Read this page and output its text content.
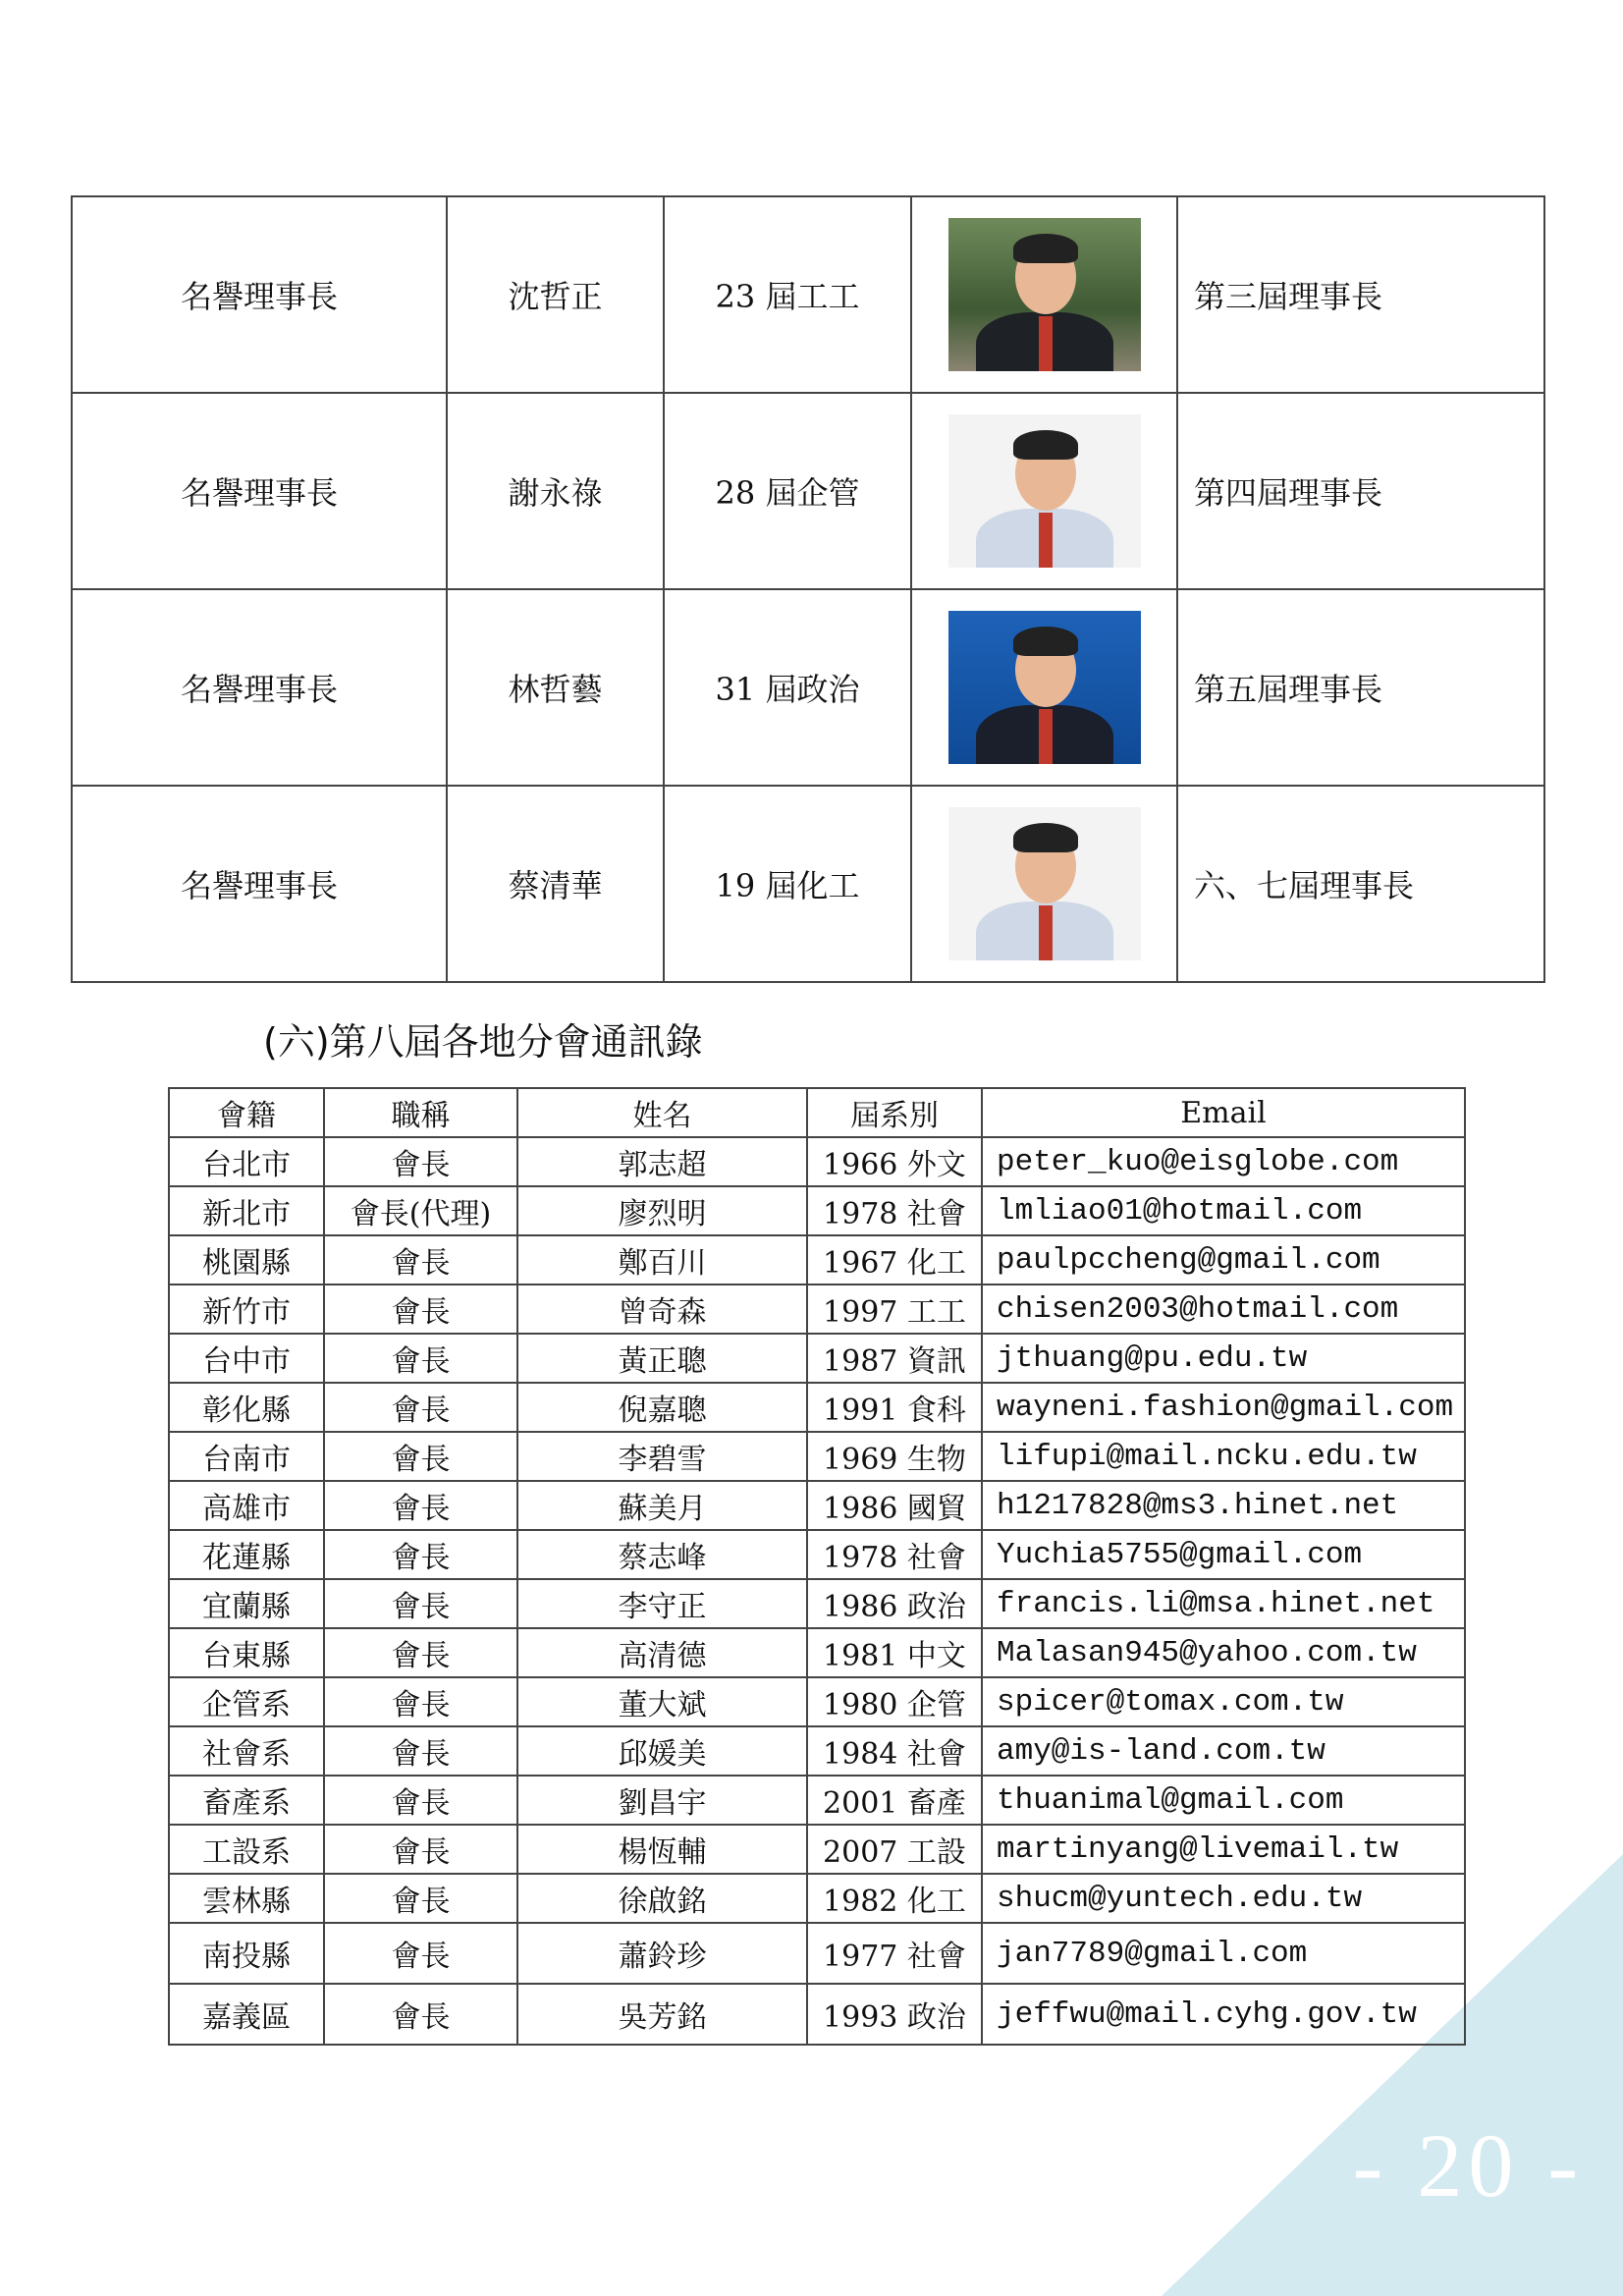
- 20 -
名譽理事長	沈哲正	23 屆工工		第三屆理事長
名譽理事長	謝永祿	28 屆企管		第四屆理事長
名譽理事長	林哲藝	31 屆政治		第五屆理事長
名譽理事長	蔡清華	19 屆化工		六、七屆理事長
(六)第八屆各地分會通訊錄
會籍	職稱	姓名	屆系別	Email
台北市	會長	郭志超	1966 外文	peter_kuo@eisglobe.com
新北市	會長(代理)	廖烈明	1978 社會	lmliao01@hotmail.com
桃園縣	會長	鄭百川	1967 化工	paulpccheng@gmail.com
新竹市	會長	曾奇森	1997 工工	chisen2003@hotmail.com
台中市	會長	黃正聰	1987 資訊	jthuang@pu.edu.tw
彰化縣	會長	倪嘉聰	1991 食科	wayneni.fashion@gmail.com
台南市	會長	李碧雪	1969 生物	lifupi@mail.ncku.edu.tw
高雄市	會長	蘇美月	1986 國貿	h1217828@ms3.hinet.net
花蓮縣	會長	蔡志峰	1978 社會	Yuchia5755@gmail.com
宜蘭縣	會長	李守正	1986 政治	francis.li@msa.hinet.net
台東縣	會長	高清德	1981 中文	Malasan945@yahoo.com.tw
企管系	會長	董大斌	1980 企管	spicer@tomax.com.tw
社會系	會長	邱媛美	1984 社會	amy@is-land.com.tw
畜產系	會長	劉昌宇	2001 畜產	thuanimal@gmail.com
工設系	會長	楊恆輔	2007 工設	martinyang@livemail.tw
雲林縣	會長	徐啟銘	1982 化工	shucm@yuntech.edu.tw
南投縣	會長	蕭鈴珍	1977 社會	jan7789@gmail.com
嘉義區	會長	吳芳銘	1993 政治	jeffwu@mail.cyhg.gov.tw
